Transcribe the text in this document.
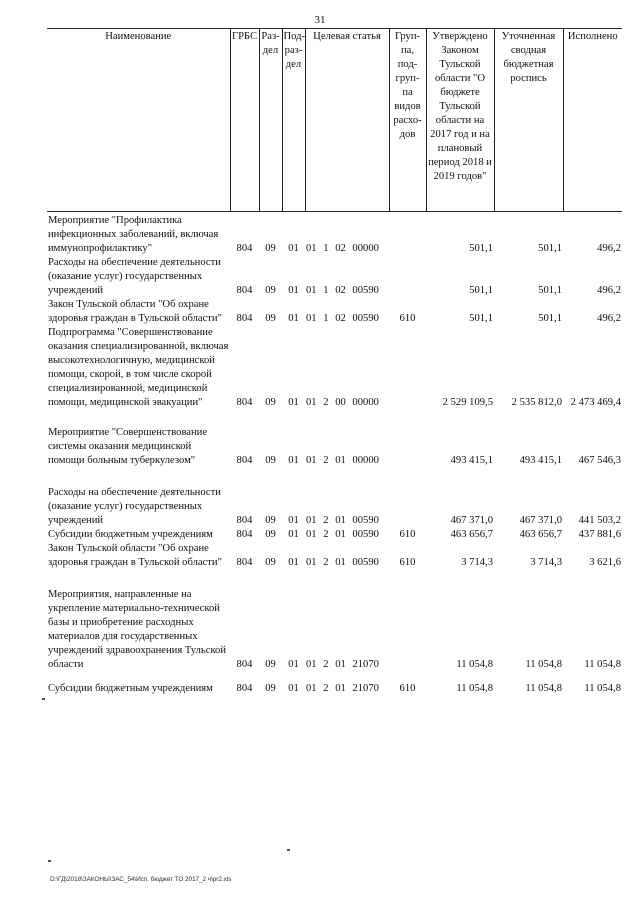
31
Наименование	ГРБС	Раз-дел	Под-раз-дел	Целевая статья	Груп-па, под-груп-па видов расхо-дов	Утверждено Законом Тульской области "О бюджете Тульской области на 2017 год и на плановый период 2018 и 2019 годов"	Уточненная сводная бюджетная роспись	Исполнено
Мероприятие "Профилактика инфекционных заболеваний, включая иммунопрофилактику"	804	09	01	01 1 02 00000		501,1	501,1	496,2
Расходы на обеспечение деятельности (оказание услуг) государственных учреждений	804	09	01	01 1 02 00590		501,1	501,1	496,2
Закон Тульской области "Об охране здоровья граждан в Тульской области"	804	09	01	01 1 02 00590	610	501,1	501,1	496,2
Подпрограмма "Совершенствование оказания специализированной, включая высокотехнологичную, медицинской помощи, скорой, в том числе скорой специализированной, медицинской помощи, медицинской эвакуации"	804	09	01	01 2 00 00000		2 529 109,5	2 535 812,0	2 473 469,4

Мероприятие "Совершенствование системы оказания медицинской помощи больным туберкулезом"	804	09	01	01 2 01 00000		493 415,1	493 415,1	467 546,3

Расходы на обеспечение деятельности (оказание услуг) государственных учреждений	804	09	01	01 2 01 00590		467 371,0	467 371,0	441 503,2
Субсидии бюджетным учреждениям	804	09	01	01 2 01 00590	610	463 656,7	463 656,7	437 881,6
Закон Тульской области "Об охране здоровья граждан в Тульской области"	804	09	01	01 2 01 00590	610	3 714,3	3 714,3	3 621,6

Мероприятия, направленные на укрепление материально-технической базы и приобретение расходных материалов для государственных учреждений здравоохранения Тульской области	804	09	01	01 2 01 21070		11 054,8	11 054,8	11 054,8

Субсидии бюджетным учреждениям	804	09	01	01 2 01 21070	610	11 054,8	11 054,8	11 054,8
D:\ГД\2018\ЗАКОНЫ\ЗАС_54\Исп. бюджет ТО 2017_2 ч\pr2.xls
